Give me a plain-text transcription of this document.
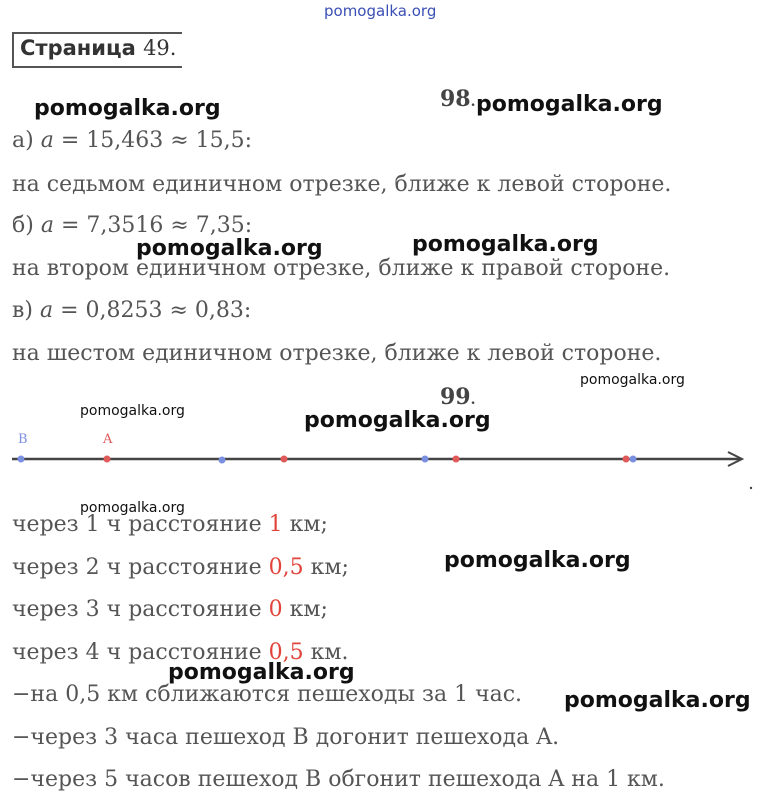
pomogalka.org
Страница 49.
98.
а) a = 15,463 ≈ 15,5:
на седьмом единичном отрезке, ближе к левой стороне.
б) a = 7,3516 ≈ 7,35:
на втором единичном отрезке, ближе к правой стороне.
в) a = 0,8253 ≈ 0,83:
на шестом единичном отрезке, ближе к левой стороне.
99.
B	A
через 1 ч расстояние 1 км;
через 2 ч расстояние 0,5 км;
через 3 ч расстояние 0 км;
через 4 ч расстояние 0,5 км.
−на 0,5 км сближаются пешеходы за 1 час.
−через 3 часа пешеход B догонит пешехода A.
−через 5 часов пешеход B обгонит пешехода A на 1 км.
pomogalka.org	pomogalka.org
pomogalka.org	pomogalka.org
pomogalka.org
pomogalka.org	pomogalka.org
pomogalka.org
pomogalka.org
pomogalka.org
pomogalka.org
